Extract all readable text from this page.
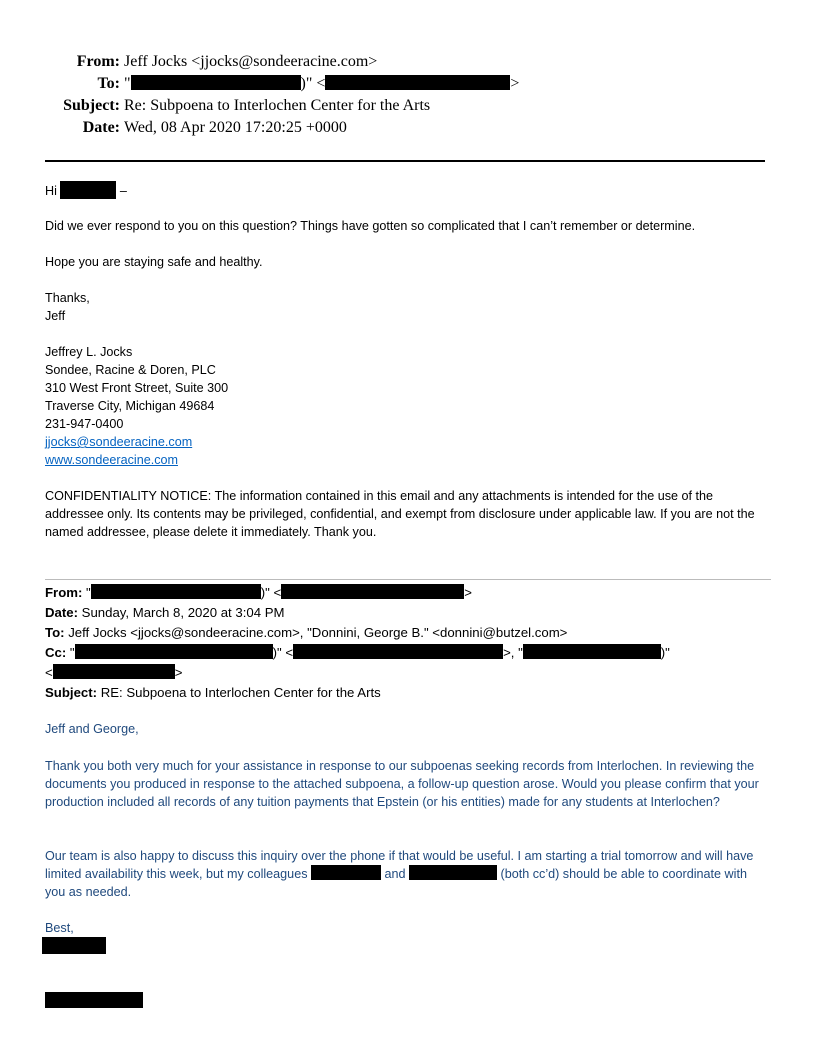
From: Jeff Jocks <jjocks@sondeeracine.com>
To: "	)" <	>
Subject: Re: Subpoena to Interlochen Center for the Arts
Date: Wed, 08 Apr 2020 17:20:25 +0000
Hi	–
Did we ever respond to you on this question? Things have gotten so complicated that I can’t remember or determine.
Hope you are staying safe and healthy.
Thanks,
Jeff
Jeffrey L. Jocks
Sondee, Racine & Doren, PLC
310 West Front Street, Suite 300
Traverse City, Michigan 49684
231-947-0400
jjocks@sondeeracine.com
www.sondeeracine.com
CONFIDENTIALITY NOTICE: The information contained in this email and any attachments is intended for the use of the addressee only. Its contents may be privileged, confidential, and exempt from disclosure under applicable law. If you are not the named addressee, please delete it immediately. Thank you.
From: "	)" <	>
Date: Sunday, March 8, 2020 at 3:04 PM
To: Jeff Jocks <jjocks@sondeeracine.com>, "Donnini, George B." <donnini@butzel.com>
Cc: "	)" <	>, "	)"
<	>
Subject: RE: Subpoena to Interlochen Center for the Arts
Jeff and George,
Thank you both very much for your assistance in response to our subpoenas seeking records from Interlochen. In reviewing the documents you produced in response to the attached subpoena, a follow-up question arose. Would you please confirm that your production included all records of any tuition payments that Epstein (or his entities) made for any students at Interlochen?
Our team is also happy to discuss this inquiry over the phone if that would be useful. I am starting a trial tomorrow and will have limited availability this week, but my colleagues	and	(both cc’d) should be able to coordinate with you as needed.
Best,
